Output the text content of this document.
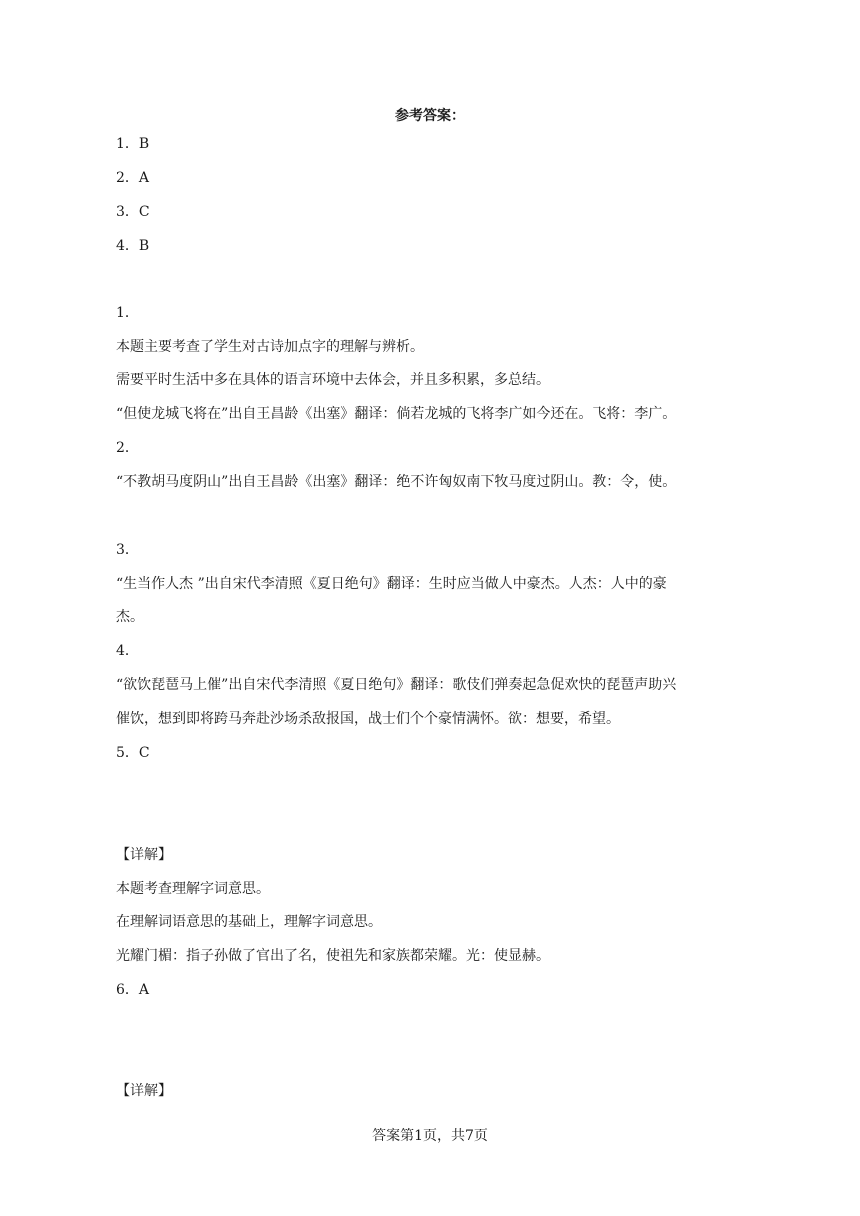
参考答案：
1．B
2．A
3．C
4．B
1．
本题主要考查了学生对古诗加点字的理解与辨析。
需要平时生活中多在具体的语言环境中去体会，并且多积累，多总结。
“但使龙城飞将在”出自王昌龄《出塞》翻译：倘若龙城的飞将李广如今还在。飞将：李广。
2．
“不教胡马度阴山”出自王昌龄《出塞》翻译：绝不许匈奴南下牧马度过阴山。教：令，使。
3．
“生当作人杰 ”出自宋代李清照《夏日绝句》翻译：生时应当做人中豪杰。人杰：人中的豪
杰。
4．
“欲饮琵琶马上催”出自宋代李清照《夏日绝句》翻译：歌伎们弹奏起急促欢快的琵琶声助兴
催饮，想到即将跨马奔赴沙场杀敌报国，战士们个个豪情满怀。欲：想要，希望。
5．C
【详解】
本题考查理解字词意思。
在理解词语意思的基础上，理解字词意思。
光耀门楣：指子孙做了官出了名，使祖先和家族都荣耀。光：使显赫。
6．A
【详解】
答案第1页，共7页
